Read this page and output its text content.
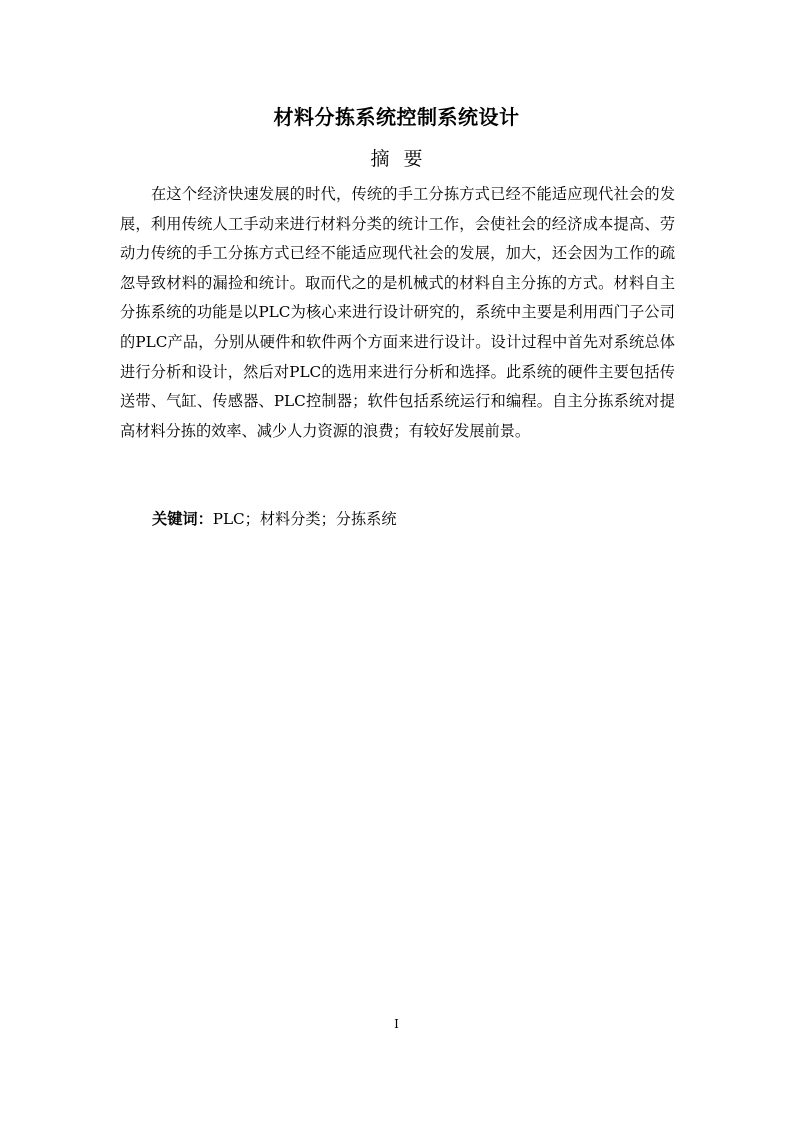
材料分拣系统控制系统设计
摘要

在这个经济快速发展的时代，传统的手工分拣方式已经不能适应现代社会的发展，利用传统人工手动来进行材料分类的统计工作，会使社会的经济成本提高、劳动力传统的手工分拣方式已经不能适应现代社会的发展，加大，还会因为工作的疏忽导致材料的漏捡和统计。取而代之的是机械式的材料自主分拣的方式。材料自主分拣系统的功能是以PLC为核心来进行设计研究的，系统中主要是利用西门子公司的PLC产品，分别从硬件和软件两个方面来进行设计。设计过程中首先对系统总体进行分析和设计，然后对PLC的选用来进行分析和选择。此系统的硬件主要包括传送带、气缸、传感器、PLC控制器；软件包括系统运行和编程。自主分拣系统对提高材料分拣的效率、减少人力资源的浪费；有较好发展前景。

关键词：PLC；材料分类；分拣系统
I
